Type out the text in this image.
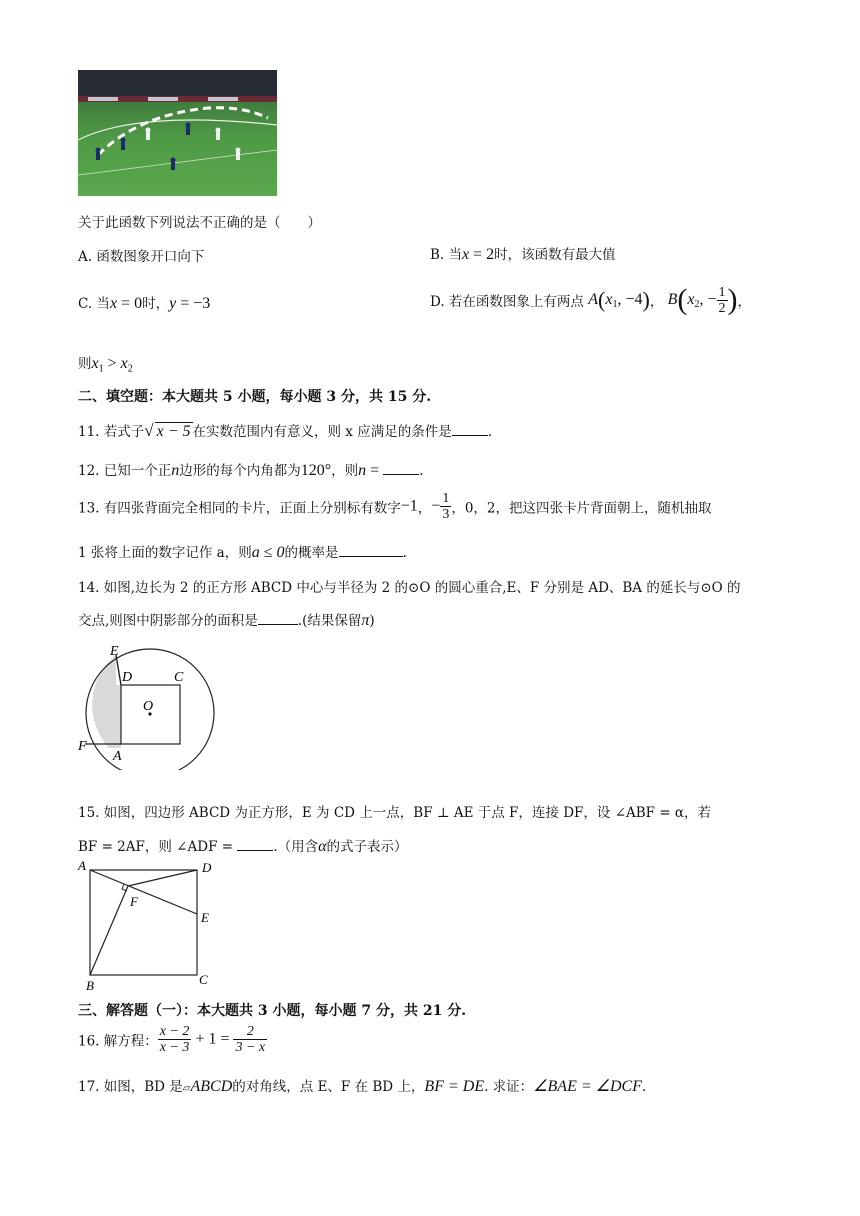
关于此函数下列说法不正确的是（　　）
A. 函数图象开口向下	B. 当x = 2时，该函数有最大值
C. 当x = 0时，y = −3	D. 若在函数图象上有两点 $A(x_1$, −4)， $B(x_2$, − $\frac{1}{2}$ )，
则$x_1 > x_2$
二、填空题：本大题共 5 小题，每小题 3 分，共 15 分.
11. 若式子√ x − 5 在实数范围内有意义，则 x 应满足的条件是	.
12. 已知一个正n边形的每个内角都为120°，则n =	.
13. 有四张背面完全相同的卡片，正面上分别标有数字−1，− $\frac{1}{3}$ ，0，2，把这四张卡片背面朝上，随机抽取
1 张将上面的数字记作 a，则a ≤ 0的概率是	.
14. 如图,边长为 2 的正方形 ABCD 中心与半径为 2 的⊙O 的圆心重合,E、F 分别是 AD、BA 的延长与⊙O 的
交点,则图中阴影部分的面积是	.(结果保留π)
E
D	C
O
F
A
15. 如图，四边形 ABCD 为正方形，E 为 CD 上一点，BF ⊥ AE 于点 F，连接 DF，设 ∠ABF = α，若
BF = 2AF，则 ∠ADF =	.（用含α的式子表示）
A	D
F
E
B	C
三、解答题（一）：本大题共 3 小题，每小题 7 分，共 21 分.
16. 解方程： $\frac{x - 2}{x - 3} + 1 = \frac{2}{3 - x}$
17. 如图，BD 是▱ABCD的对角线，点 E、F 在 BD 上，BF = DE. 求证：∠BAE = ∠DCF.
